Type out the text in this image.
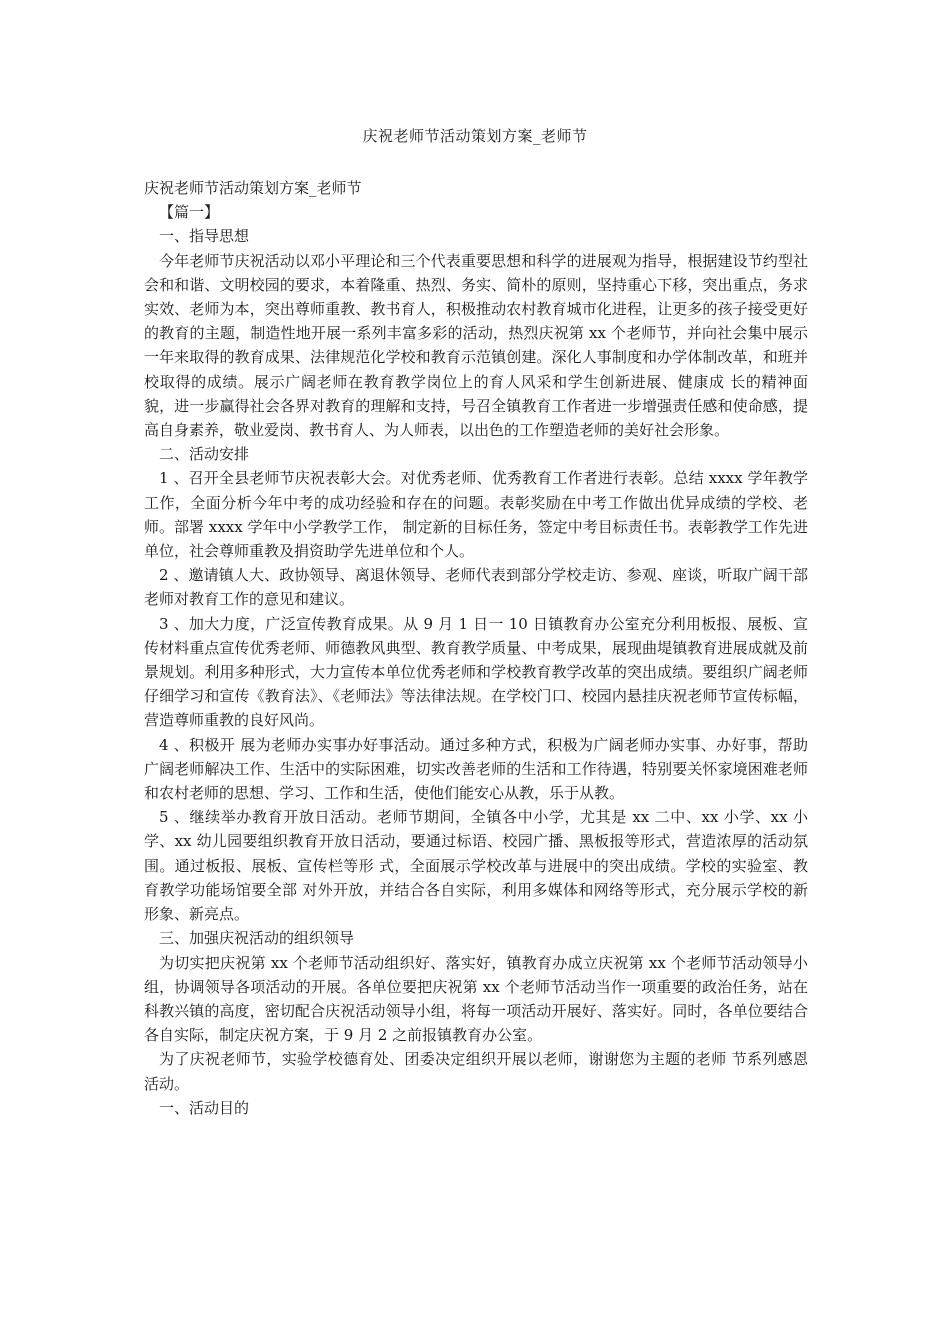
庆祝老师节活动策划方案_老师节

庆祝老师节活动策划方案_老师节

【篇一】

一、指导思想

今年老师节庆祝活动以邓小平理论和三个代表重要思想和科学的进展观为指导，根据建设节约型社会和和谐、文明校园的要求，本着隆重、热烈、务实、简朴的原则，坚持重心下移，突出重点，务求实效、老师为本，突出尊师重教、教书育人，积极推动农村教育城市化进程，让更多的孩子接受更好的教育的主题，制造性地开展一系列丰富多彩的活动，热烈庆祝第 xx 个老师节，并向社会集中展示一年来取得的教育成果、法律规范化学校和教育示范镇创建。深化人事制度和办学体制改革，和班并校取得的成绩。展示广阔老师在教育教学岗位上的育人风采和学生创新进展、健康成 长的精神面貌，进一步赢得社会各界对教育的理解和支持，号召全镇教育工作者进一步增强责任感和使命感，提高自身素养，敬业爱岗、教书育人、为人师表，以出色的工作塑造老师的美好社会形象。

二、活动安排

1 、召开全县老师节庆祝表彰大会。对优秀老师、优秀教育工作者进行表彰。总结 xxxx 学年教学工作，全面分析今年中考的成功经验和存在的问题。表彰奖励在中考工作做出优异成绩的学校、老师。部署 xxxx 学年中小学教学工作， 制定新的目标任务，签定中考目标责任书。表彰教学工作先进单位，社会尊师重教及捐资助学先进单位和个人。

2 、邀请镇人大、政协领导、离退休领导、老师代表到部分学校走访、参观、座谈，听取广阔干部老师对教育工作的意见和建议。

3 、加大力度，广泛宣传教育成果。从 9 月 1 日一 10 日镇教育办公室充分利用板报、展板、宣传材料重点宣传优秀老师、师德教风典型、教育教学质量、中考成果，展现曲堤镇教育进展成就及前景规划。利用多种形式，大力宣传本单位优秀老师和学校教育教学改革的突出成绩。要组织广阔老师仔细学习和宣传《教育法》、《老师法》等法律法规。在学校门口、校园内悬挂庆祝老师节宣传标幅，营造尊师重教的良好风尚。

4 、积极开 展为老师办实事办好事活动。通过多种方式，积极为广阔老师办实事、办好事，帮助广阔老师解决工作、生活中的实际困难，切实改善老师的生活和工作待遇，特别要关怀家境困难老师和农村老师的思想、学习、工作和生活，使他们能安心从教，乐于从教。

5 、继续举办教育开放日活动。老师节期间，全镇各中小学，尤其是 xx 二中、xx 小学、xx 小学、xx 幼儿园要组织教育开放日活动，要通过标语、校园广播、黑板报等形式，营造浓厚的活动氛围。通过板报、展板、宣传栏等形 式，全面展示学校改革与进展中的突出成绩。学校的实验室、教育教学功能场馆要全部 对外开放，并结合各自实际，利用多媒体和网络等形式，充分展示学校的新形象、新亮点。

三、加强庆祝活动的组织领导

为切实把庆祝第 xx 个老师节活动组织好、落实好，镇教育办成立庆祝第 xx 个老师节活动领导小组，协调领导各项活动的开展。各单位要把庆祝第 xx 个老师节活动当作一项重要的政治任务，站在科教兴镇的高度，密切配合庆祝活动领导小组，将每一项活动开展好、落实好。同时，各单位要结合各自实际，制定庆祝方案，于 9 月 2 之前报镇教育办公室。

为了庆祝老师节，实验学校德育处、团委决定组织开展以老师，谢谢您为主题的老师 节系列感恩活动。

一、活动目的
